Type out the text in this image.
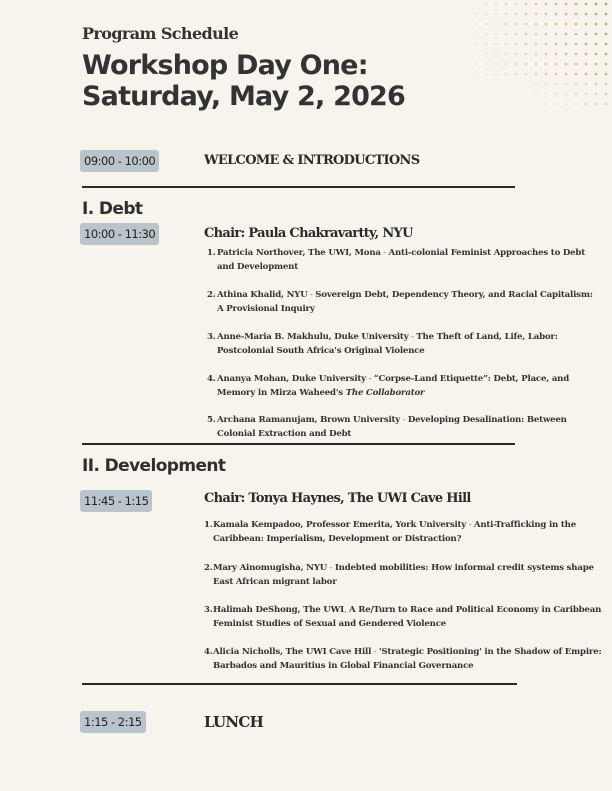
Program Schedule
Workshop Day One:
Saturday, May 2, 2026
09:00 - 10:00	WELCOME & INTRODUCTIONS
I. Debt
10:00 - 11:30	Chair: Paula Chakravartty, NYU
1. Patricia Northover, The UWI, Mona - Anti-colonial Feminist Approaches to Debt and Development
2. Athina Khalid, NYU - Sovereign Debt, Dependency Theory, and Racial Capitalism: A Provisional Inquiry
3. Anne-Maria B. Makhulu, Duke University - The Theft of Land, Life, Labor: Postcolonial South Africa's Original Violence
4. Ananya Mohan, Duke University - “Corpse-Land Etiquette”: Debt, Place, and Memory in Mirza Waheed's The Collaborator
5. Archana Ramanujam, Brown University - Developing Desalination: Between Colonial Extraction and Debt
II. Development
11:45 - 1:15	Chair: Tonya Haynes, The UWI Cave Hill
1. Kamala Kempadoo, Professor Emerita, York University - Anti-Trafficking in the Caribbean: Imperialism, Development or Distraction?
2. Mary Ainomugisha, NYU - Indebted mobilities: How informal credit systems shape East African migrant labor
3. Halimah DeShong, The UWI, A Re/Turn to Race and Political Economy in Caribbean Feminist Studies of Sexual and Gendered Violence
4. Alicia Nicholls, The UWI Cave Hill - 'Strategic Positioning' in the Shadow of Empire: Barbados and Mauritius in Global Financial Governance
1:15 - 2:15	LUNCH
